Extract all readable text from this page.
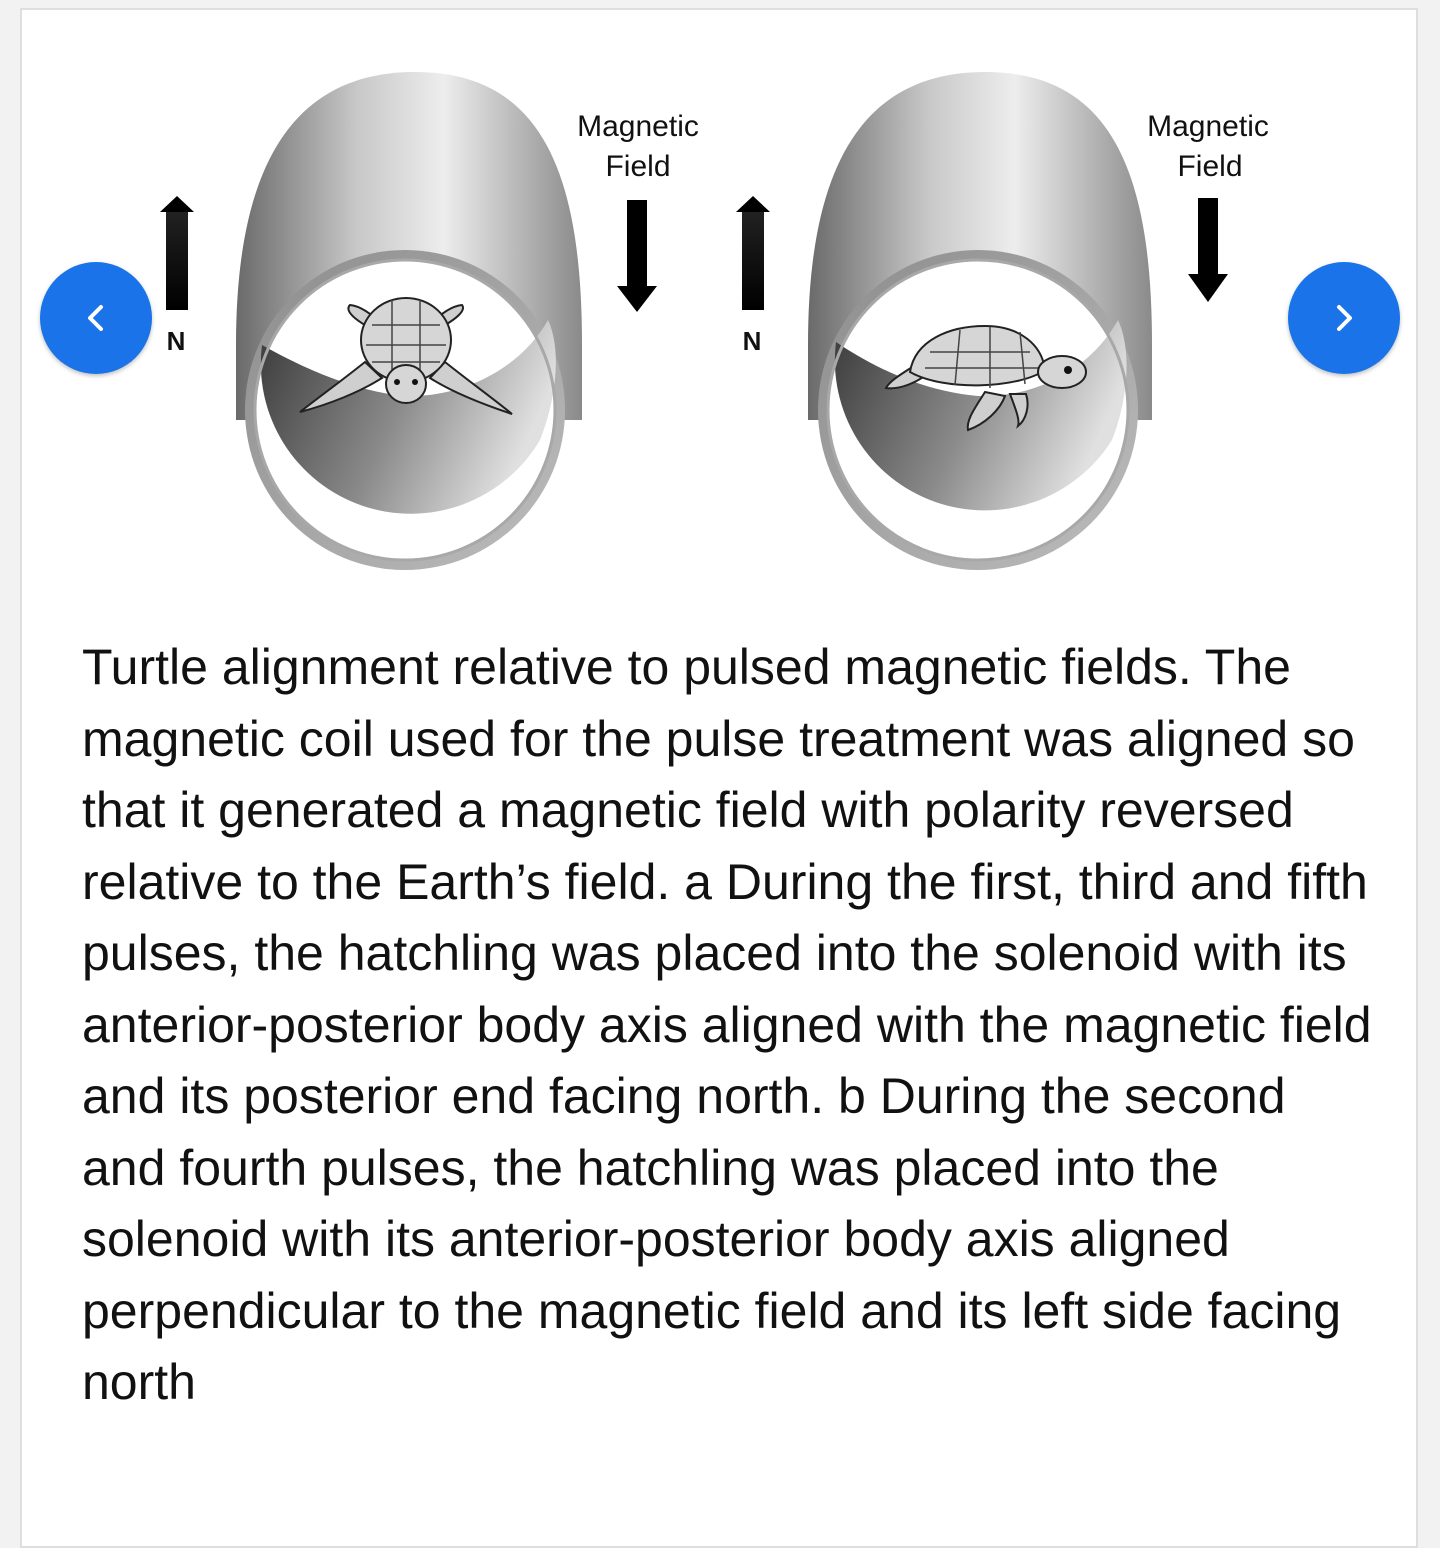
N
Magnetic
Field
N
Magnetic
Field

Turtle alignment relative to pulsed magnetic fields. The magnetic coil used for the pulse treatment was aligned so that it generated a magnetic field with polarity reversed relative to the Earth’s field. a During the first, third and fifth pulses, the hatchling was placed into the solenoid with its anterior-posterior body axis aligned with the magnetic field and its posterior end facing north. b During the second and fourth pulses, the hatchling was placed into the solenoid with its anterior-posterior body axis aligned perpendicular to the magnetic field and its left side facing north
